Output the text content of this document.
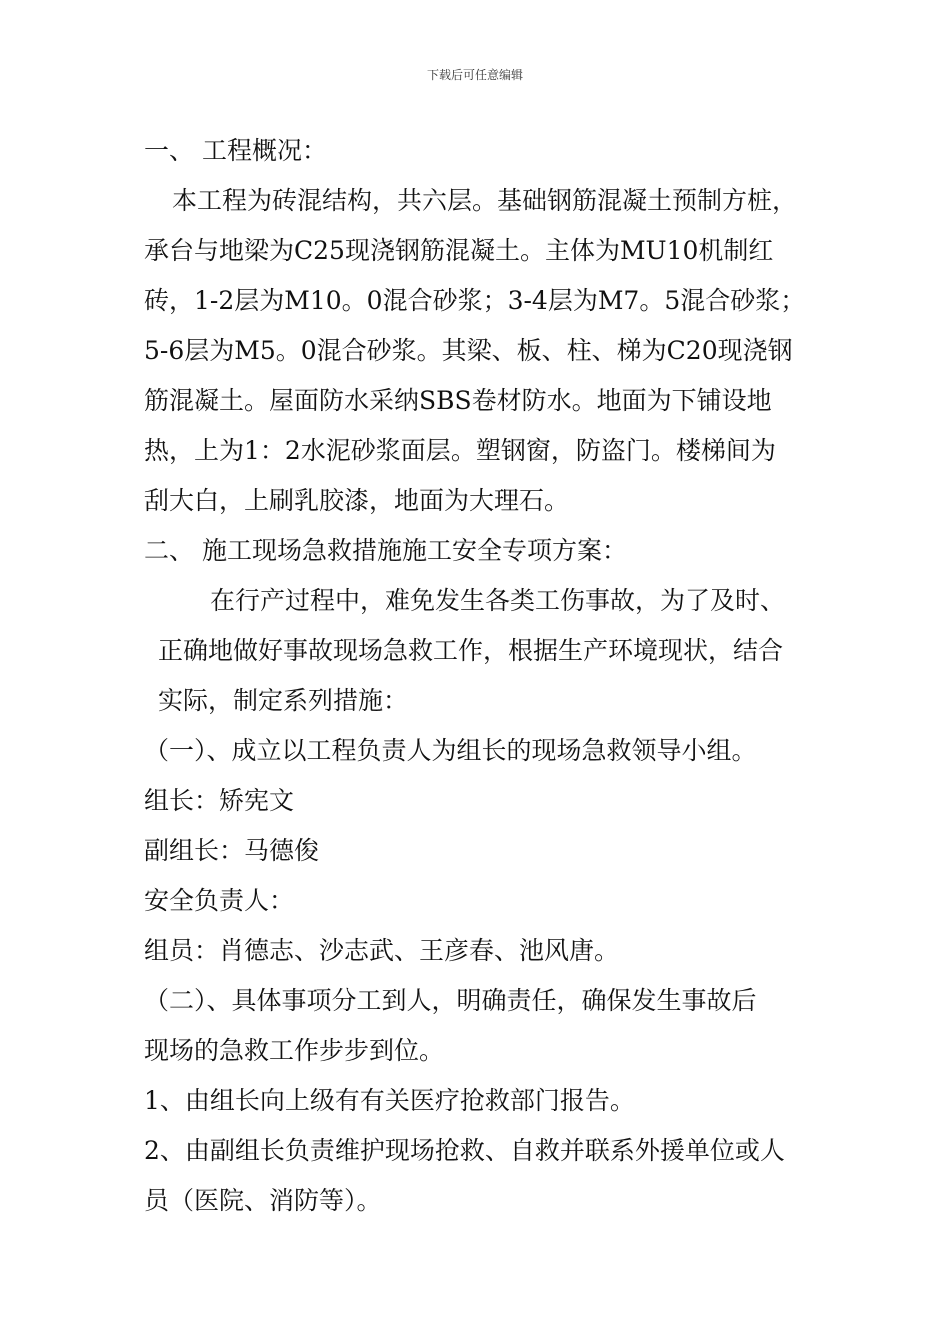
下载后可任意编辑
一、 工程概况：
本工程为砖混结构，共六层。基础钢筋混凝土预制方桩，
承台与地梁为C25现浇钢筋混凝土。主体为MU10机制红
砖，1-2层为M10。0混合砂浆；3-4层为M7。5混合砂浆；
5-6层为M5。0混合砂浆。其梁、板、柱、梯为C20现浇钢
筋混凝土。屋面防水采纳SBS卷材防水。地面为下铺设地
热，上为1：2水泥砂浆面层。塑钢窗，防盗门。楼梯间为
刮大白，上刷乳胶漆，地面为大理石。
二、 施工现场急救措施施工安全专项方案：
在行产过程中，难免发生各类工伤事故，为了及时、
正确地做好事故现场急救工作，根据生产环境现状，结合
实际，制定系列措施：
（一）、成立以工程负责人为组长的现场急救领导小组。
组长：矫宪文
副组长：马德俊
安全负责人：
组员：肖德志、沙志武、王彦春、池风唐。
（二）、具体事项分工到人，明确责任，确保发生事故后
现场的急救工作步步到位。
1、由组长向上级有有关医疗抢救部门报告。
2、由副组长负责维护现场抢救、自救并联系外援单位或人
员（医院、消防等）。
